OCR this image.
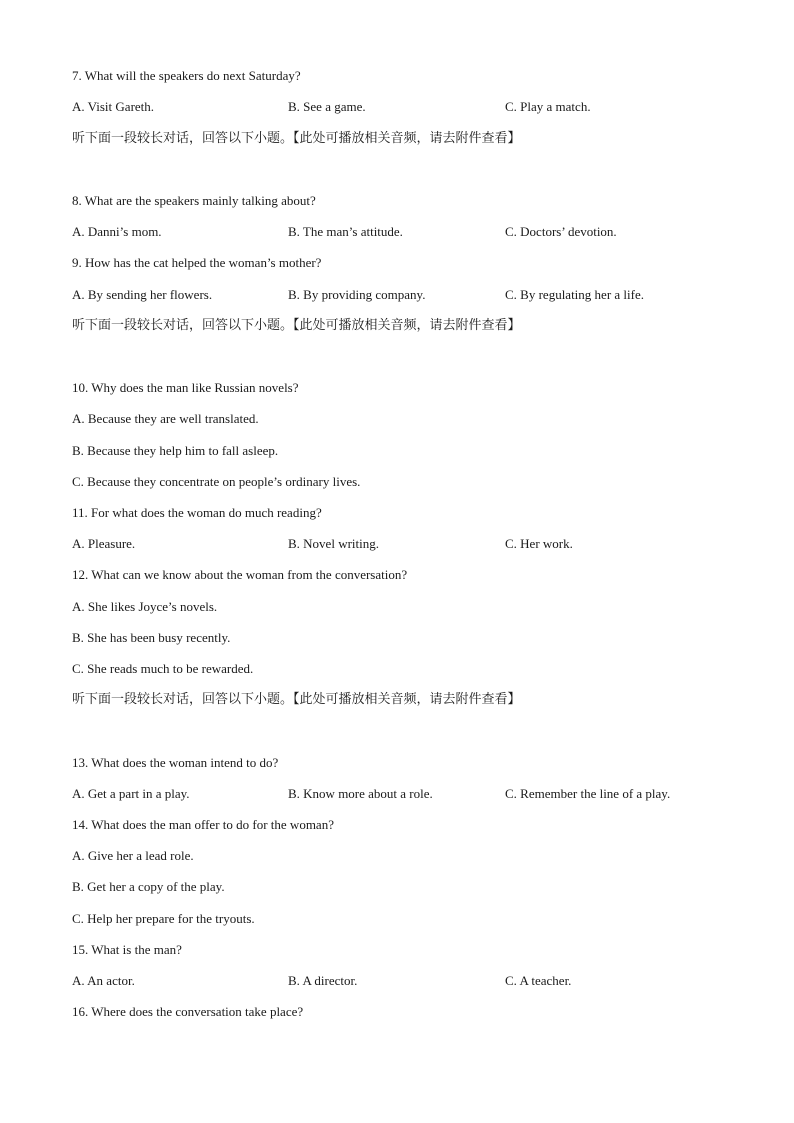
7. What will the speakers do next Saturday?
A. Visit Gareth.	B. See a game.	C. Play a match.
听下面一段较长对话，回答以下小题。【此处可播放相关音频，请去附件查看】
8. What are the speakers mainly talking about?
A. Danni’s mom.	B. The man’s attitude.	C. Doctors’ devotion.
9. How has the cat helped the woman’s mother?
A. By sending her flowers.	B. By providing company.	C. By regulating her a life.
听下面一段较长对话，回答以下小题。【此处可播放相关音频，请去附件查看】
10. Why does the man like Russian novels?
A. Because they are well translated.
B. Because they help him to fall asleep.
C. Because they concentrate on people’s ordinary lives.
11. For what does the woman do much reading?
A. Pleasure.	B. Novel writing.	C. Her work.
12. What can we know about the woman from the conversation?
A. She likes Joyce’s novels.
B. She has been busy recently.
C. She reads much to be rewarded.
听下面一段较长对话，回答以下小题。【此处可播放相关音频，请去附件查看】
13. What does the woman intend to do?
A. Get a part in a play.	B. Know more about a role.	C. Remember the line of a play.
14. What does the man offer to do for the woman?
A. Give her a lead role.
B. Get her a copy of the play.
C. Help her prepare for the tryouts.
15. What is the man?
A. An actor.	B. A director.	C. A teacher.
16. Where does the conversation take place?
